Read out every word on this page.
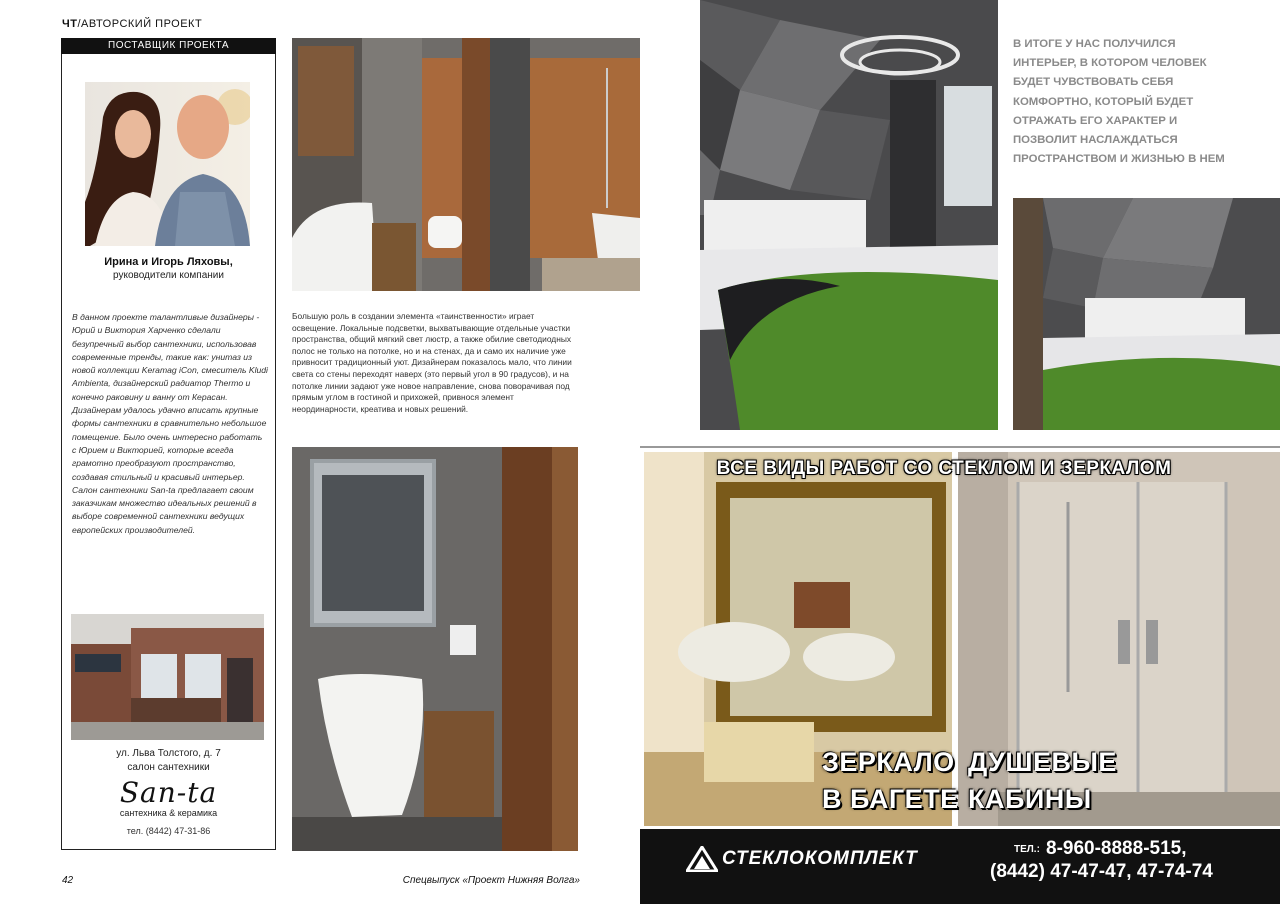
ЧТ/АВТОРСКИЙ ПРОЕКТ
ПОСТАВЩИК ПРОЕКТА
Ирина и Игорь Ляховы,
руководители компании

В данном проекте талантливые дизайнеры - Юрий и Виктория Харченко сделали безупречный выбор сантехники, использовав современные тренды, такие как: унитаз из новой коллекции Keramag iCon, смеситель Kludi Ambienta, дизайнерский радиатор Thermo и конечно раковину и ванну от Керасан. Дизайнерам удалось удачно вписать крупные формы сантехники в сравнительно небольшое помещение. Было очень интересно работать с Юрием и Викторией, которые всегда грамотно преобразуют пространство, создавая стильный и красивый интерьер.

Салон сантехники San-ta предлагает своим заказчикам множество идеальных решений в выборе современной сантехники ведущих европейских производителей.

ул. Льва Толстого, д. 7
салон сантехники
San-ta
сантехника & керамика
тел. (8442) 47-31-86
Большую роль в создании элемента «таинственности» играет освещение. Локальные подсветки, выхватывающие отдельные участки пространства, общий мягкий свет люстр, а также обилие светодиодных полос не только на потолке, но и на стенах, да и само их наличие уже привносит традиционный уют. Дизайнерам показалось мало, что линии света со стены переходят наверх (это первый угол в 90 градусов), и на потолке линии задают уже новое направление, снова поворачивая под прямым углом в гостиной и прихожей, привнося элемент неординарности, креатива и новых решений.
42	Спецвыпуск «Проект Нижняя Волга»
В ИТОГЕ У НАС ПОЛУЧИЛСЯ ИНТЕРЬЕР, В КОТОРОМ ЧЕЛОВЕК БУДЕТ ЧУВСТВОВАТЬ СЕБЯ КОМФОРТНО, КОТОРЫЙ БУДЕТ ОТРАЖАТЬ ЕГО ХАРАКТЕР И ПОЗВОЛИТ НАСЛАЖДАТЬСЯ ПРОСТРАНСТВОМ И ЖИЗНЬЮ В НЕМ
ВСЕ ВИДЫ РАБОТ СО СТЕКЛОМ И ЗЕРКАЛОМ
ЗЕРКАЛО
В БАГЕТЕ
ДУШЕВЫЕ
КАБИНЫ
СТЕКЛОКОМПЛЕКТ	ТЕЛ.: 8-960-8888-515,
(8442) 47-47-47, 47-74-74
